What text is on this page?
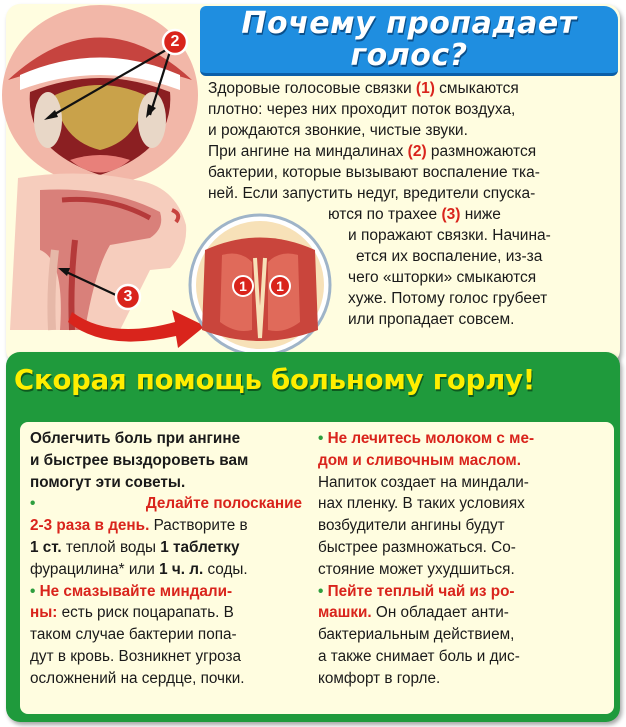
2
3
1	1
Почему пропадает
голос?

Здоровые голосовые связки (1) смыкаются

плотно: через них проходит поток воздуха,

и рождаются звонкие, чистые звуки.

При ангине на миндалинах (2) размножаются

бактерии, которые вызывают воспаление тка-

ней. Если запустить недуг, вредители спуска-

ются по трахее (3) ниже

и поражают связки. Начина-

ется их воспаление, из-за

чего «шторки» смыкаются

хуже. Потому голос грубеет

или пропадает совсем.

Скорая помощь больному горлу!

Облегчить боль при ангине

и быстрее выздороветь вам

помогут эти советы.

•	Делайте полоскание

2-3 раза в день. Растворите в

1 ст. теплой воды 1 таблетку

фурацилина* или 1 ч. л. соды.

• Не смазывайте миндали-

ны: есть риск поцарапать. В

таком случае бактерии попа-

дут в кровь. Возникнет угроза

осложнений на сердце, почки.

• Не лечитесь молоком с ме-

дом и сливочным маслом.

Напиток создает на миндали-

нах пленку. В таких условиях

возбудители ангины будут

быстрее размножаться. Со-

стояние может ухудшиться.

• Пейте теплый чай из ро-

машки. Он обладает анти-

бактериальным действием,

а также снимает боль и дис-

комфорт в горле.
